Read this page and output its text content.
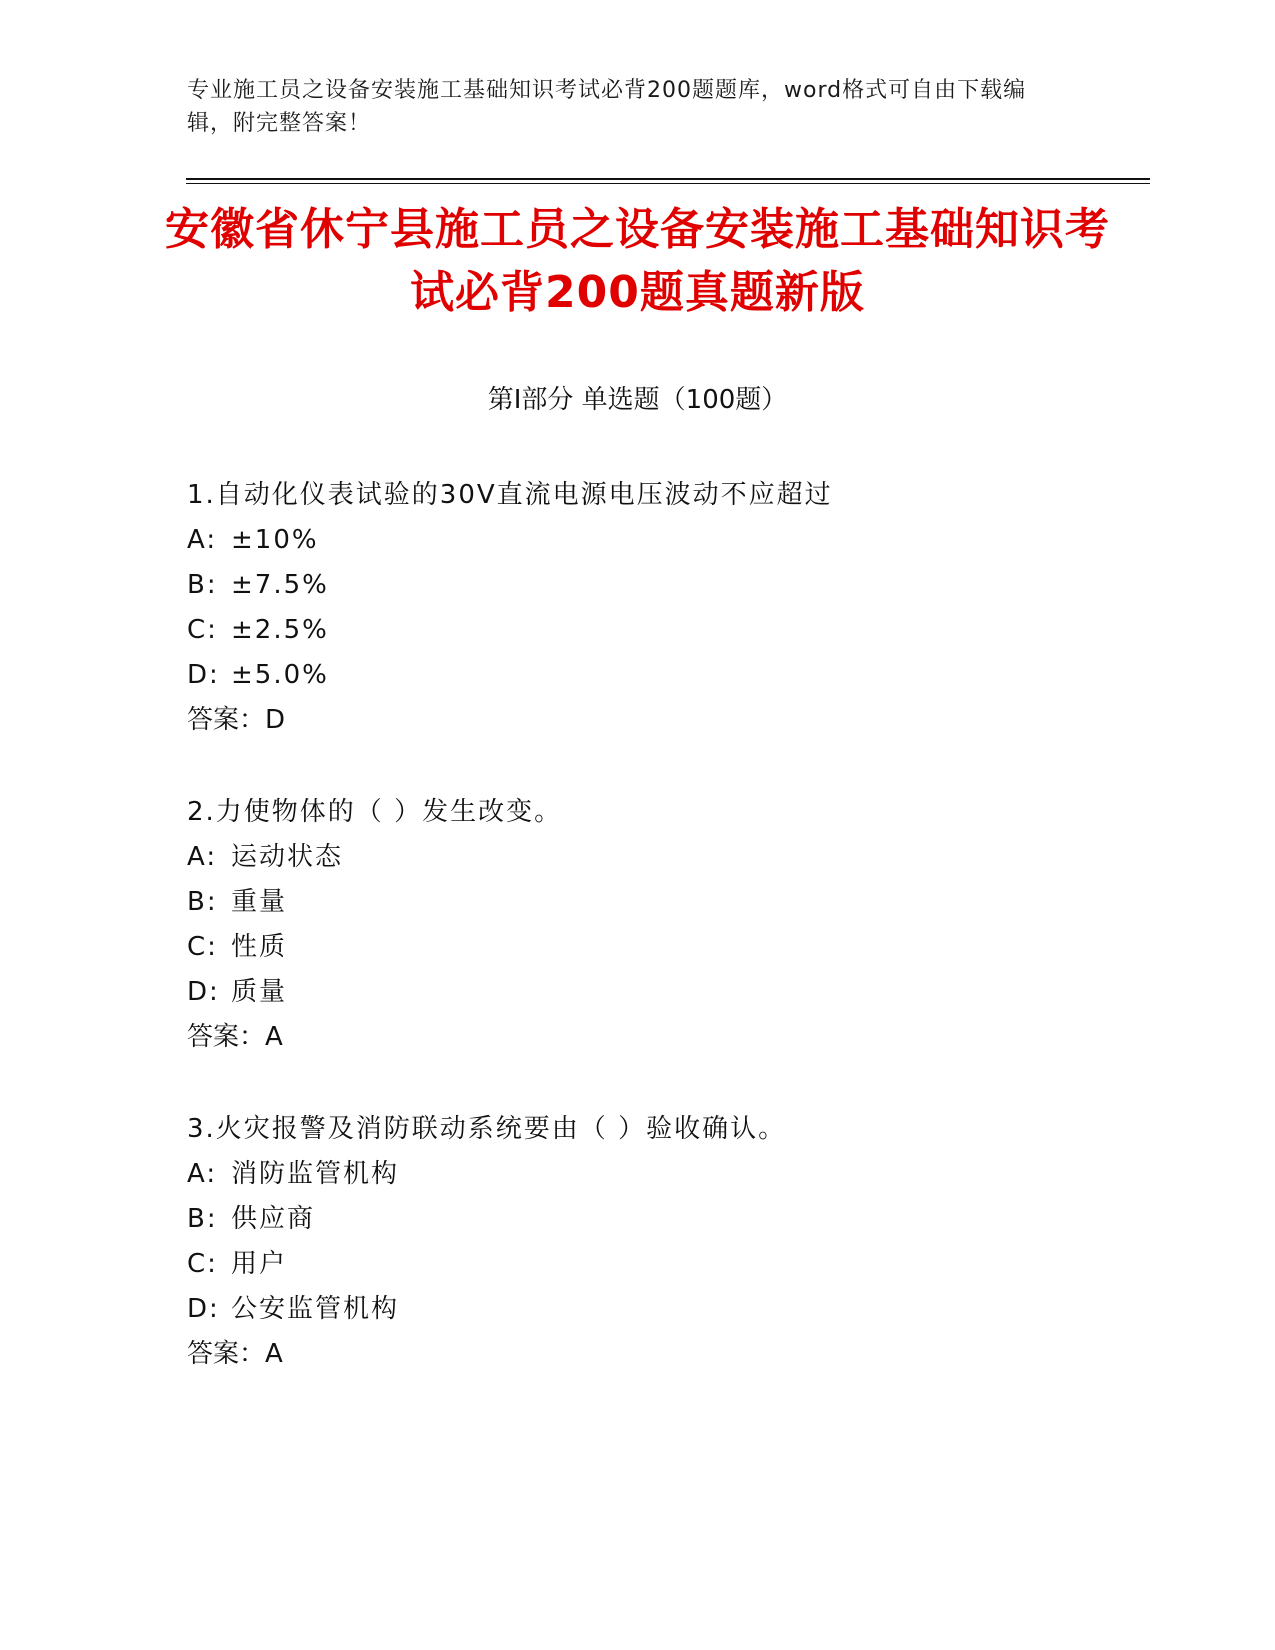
专业施工员之设备安装施工基础知识考试必背200题题库，word格式可自由下载编辑，附完整答案！
安徽省休宁县施工员之设备安装施工基础知识考试必背200题真题新版
第I部分 单选题（100题）
1.自动化仪表试验的30V直流电源电压波动不应超过
A: ±10%
B: ±7.5%
C: ±2.5%
D: ±5.0%
答案：D
2.力使物体的（ ）发生改变。
A: 运动状态
B: 重量
C: 性质
D: 质量
答案：A
3.火灾报警及消防联动系统要由（ ）验收确认。
A: 消防监管机构
B: 供应商
C: 用户
D: 公安监管机构
答案：A
